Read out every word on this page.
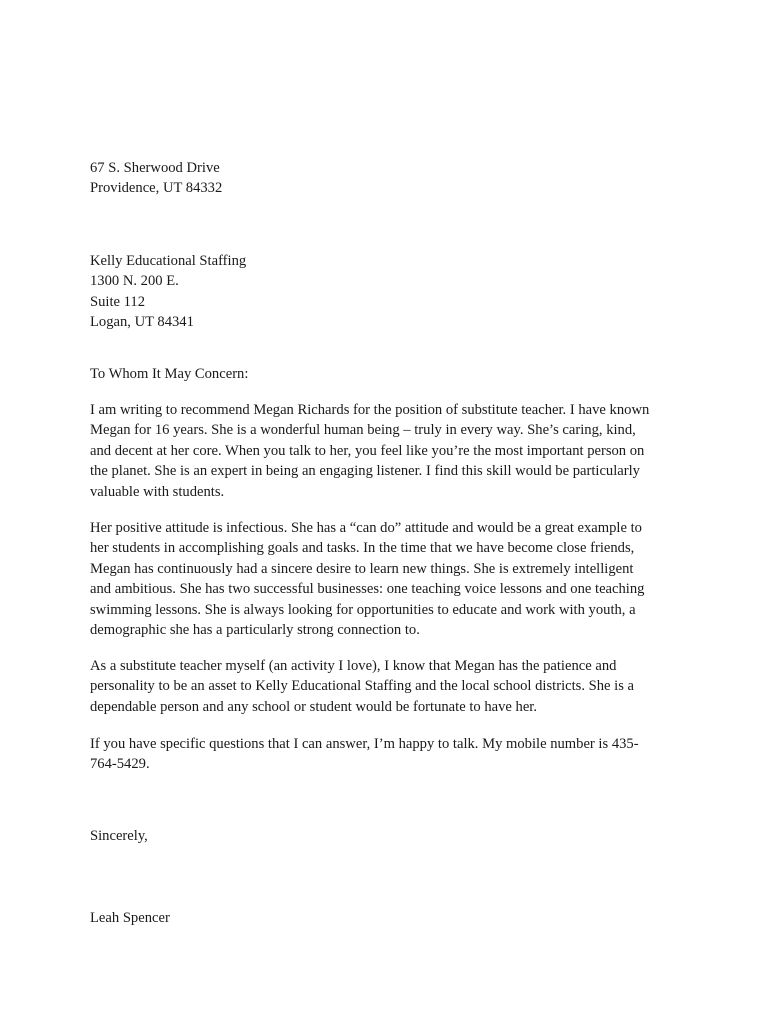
67 S. Sherwood Drive
Providence, UT 84332
Kelly Educational Staffing
1300 N. 200 E.
Suite 112
Logan, UT 84341
To Whom It May Concern:
I am writing to recommend Megan Richards for the position of substitute teacher. I have known
Megan for 16 years. She is a wonderful human being – truly in every way. She’s caring, kind,
and decent at her core. When you talk to her, you feel like you’re the most important person on
the planet. She is an expert in being an engaging listener. I find this skill would be particularly
valuable with students.
Her positive attitude is infectious. She has a “can do” attitude and would be a great example to
her students in accomplishing goals and tasks. In the time that we have become close friends,
Megan has continuously had a sincere desire to learn new things. She is extremely intelligent
and ambitious. She has two successful businesses: one teaching voice lessons and one teaching
swimming lessons. She is always looking for opportunities to educate and work with youth, a
demographic she has a particularly strong connection to.
As a substitute teacher myself (an activity I love), I know that Megan has the patience and
personality to be an asset to Kelly Educational Staffing and the local school districts. She is a
dependable person and any school or student would be fortunate to have her.
If you have specific questions that I can answer, I’m happy to talk. My mobile number is 435-
764-5429.
Sincerely,
Leah Spencer
